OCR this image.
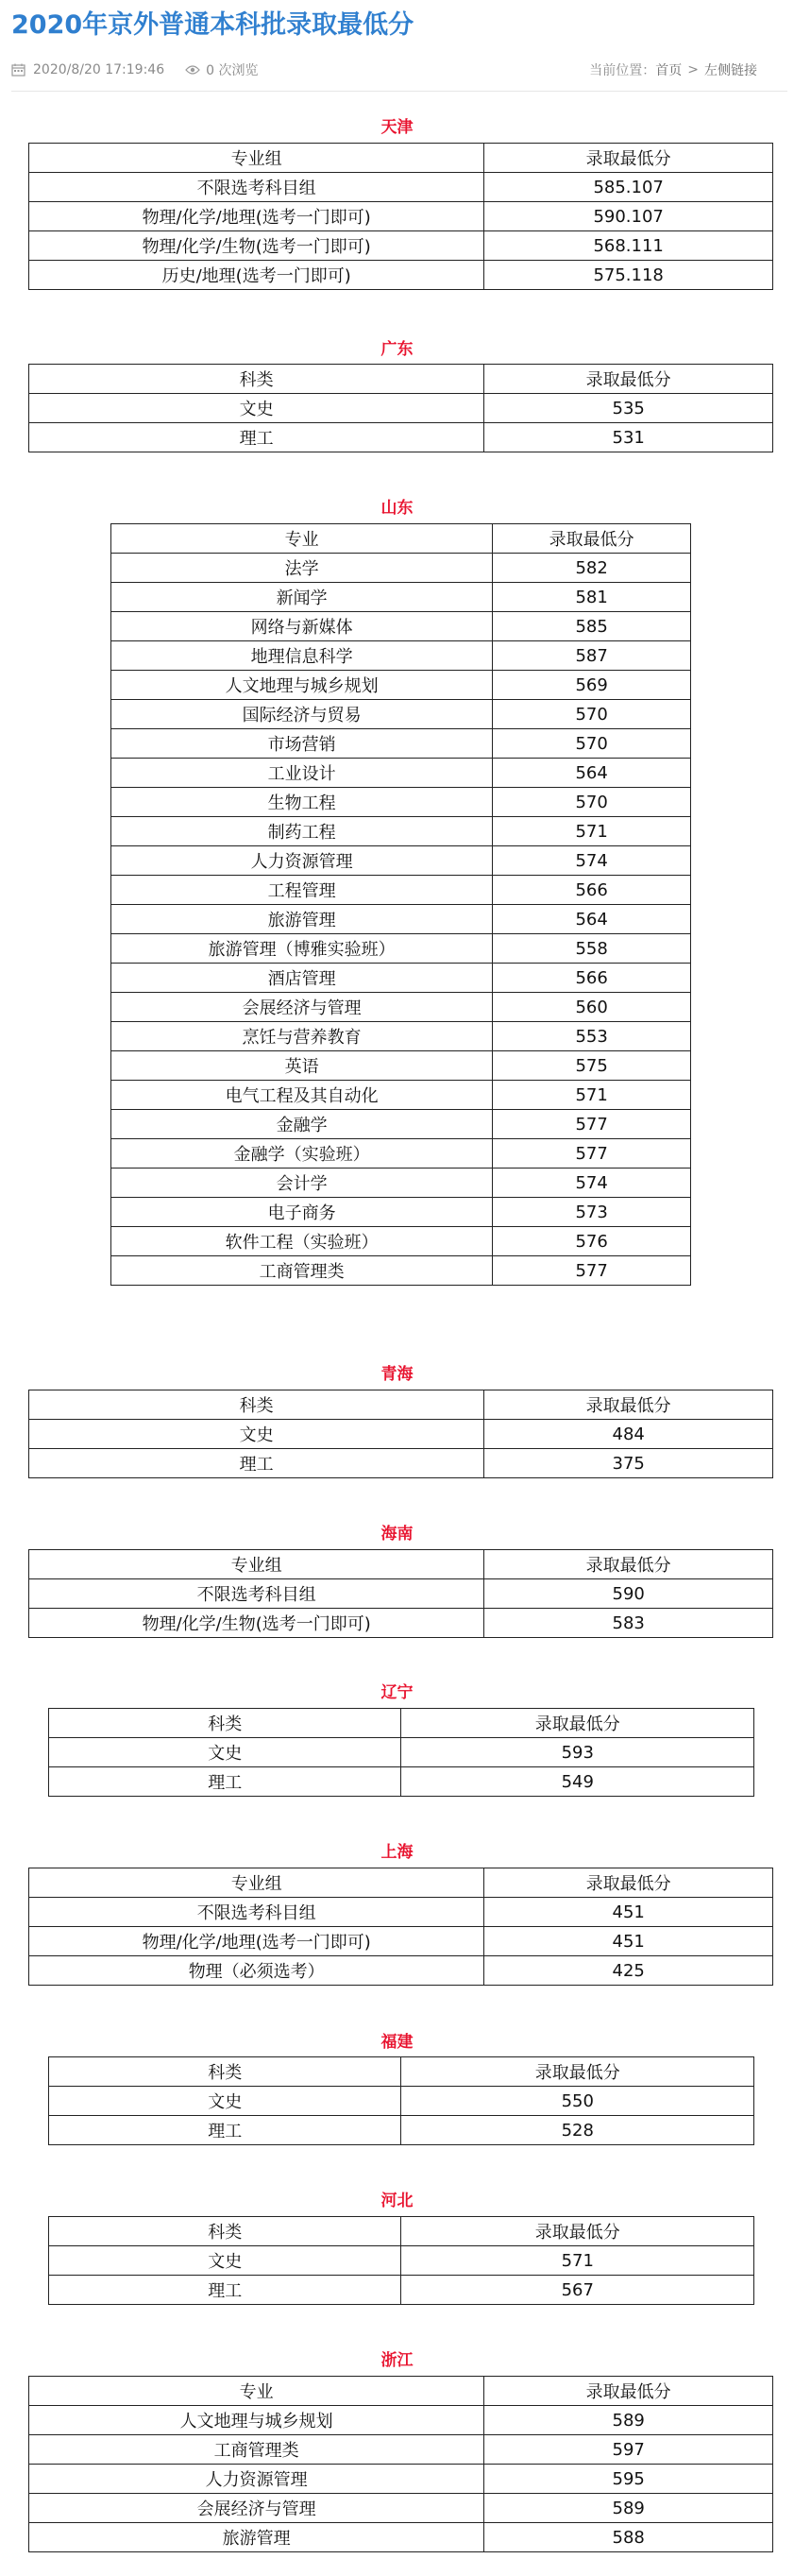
2020年京外普通本科批录取最低分
2020/8/20 17:19:46	0 次浏览	当前位置： 首页 > 左侧链接
天津
专业组	录取最低分
不限选考科目组	585.107
物理/化学/地理(选考一门即可)	590.107
物理/化学/生物(选考一门即可)	568.111
历史/地理(选考一门即可)	575.118
广东
科类	录取最低分
文史	535
理工	531
山东
专业	录取最低分
法学	582
新闻学	581
网络与新媒体	585
地理信息科学	587
人文地理与城乡规划	569
国际经济与贸易	570
市场营销	570
工业设计	564
生物工程	570
制药工程	571
人力资源管理	574
工程管理	566
旅游管理	564
旅游管理（博雅实验班）	558
酒店管理	566
会展经济与管理	560
烹饪与营养教育	553
英语	575
电气工程及其自动化	571
金融学	577
金融学（实验班）	577
会计学	574
电子商务	573
软件工程（实验班）	576
工商管理类	577
青海
科类	录取最低分
文史	484
理工	375
海南
专业组	录取最低分
不限选考科目组	590
物理/化学/生物(选考一门即可)	583
辽宁
科类	录取最低分
文史	593
理工	549
上海
专业组	录取最低分
不限选考科目组	451
物理/化学/地理(选考一门即可)	451
物理（必须选考）	425
福建
科类	录取最低分
文史	550
理工	528
河北
科类	录取最低分
文史	571
理工	567
浙江
专业	录取最低分
人文地理与城乡规划	589
工商管理类	597
人力资源管理	595
会展经济与管理	589
旅游管理	588
